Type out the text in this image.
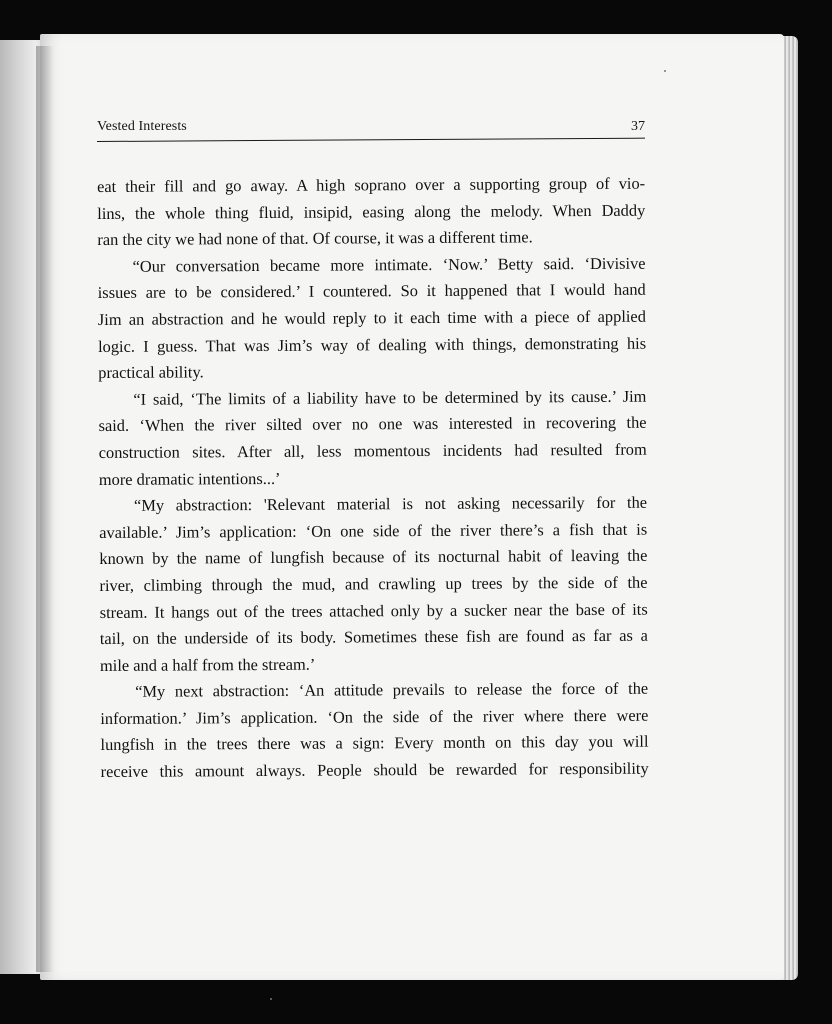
Vested Interests	37
eat their fill and go away. A high soprano over a supporting group of vio-
lins, the whole thing fluid, insipid, easing along the melody. When Daddy
ran the city we had none of that. Of course, it was a different time.
“Our conversation became more intimate. ‘Now.’ Betty said. ‘Divisive
issues are to be considered.’ I countered. So it happened that I would hand
Jim an abstraction and he would reply to it each time with a piece of applied
logic. I guess. That was Jim’s way of dealing with things, demonstrating his
practical ability.
“I said, ‘The limits of a liability have to be determined by its cause.’ Jim
said. ‘When the river silted over no one was interested in recovering the
construction sites. After all, less momentous incidents had resulted from
more dramatic intentions...’
“My abstraction: 'Relevant material is not asking necessarily for the
available.’ Jim’s application: ‘On one side of the river there’s a fish that is
known by the name of lungfish because of its nocturnal habit of leaving the
river, climbing through the mud, and crawling up trees by the side of the
stream. It hangs out of the trees attached only by a sucker near the base of its
tail, on the underside of its body. Sometimes these fish are found as far as a
mile and a half from the stream.’
“My next abstraction: ‘An attitude prevails to release the force of the
information.’ Jim’s application. ‘On the side of the river where there were
lungfish in the trees there was a sign: Every month on this day you will
receive this amount always. People should be rewarded for responsibility
